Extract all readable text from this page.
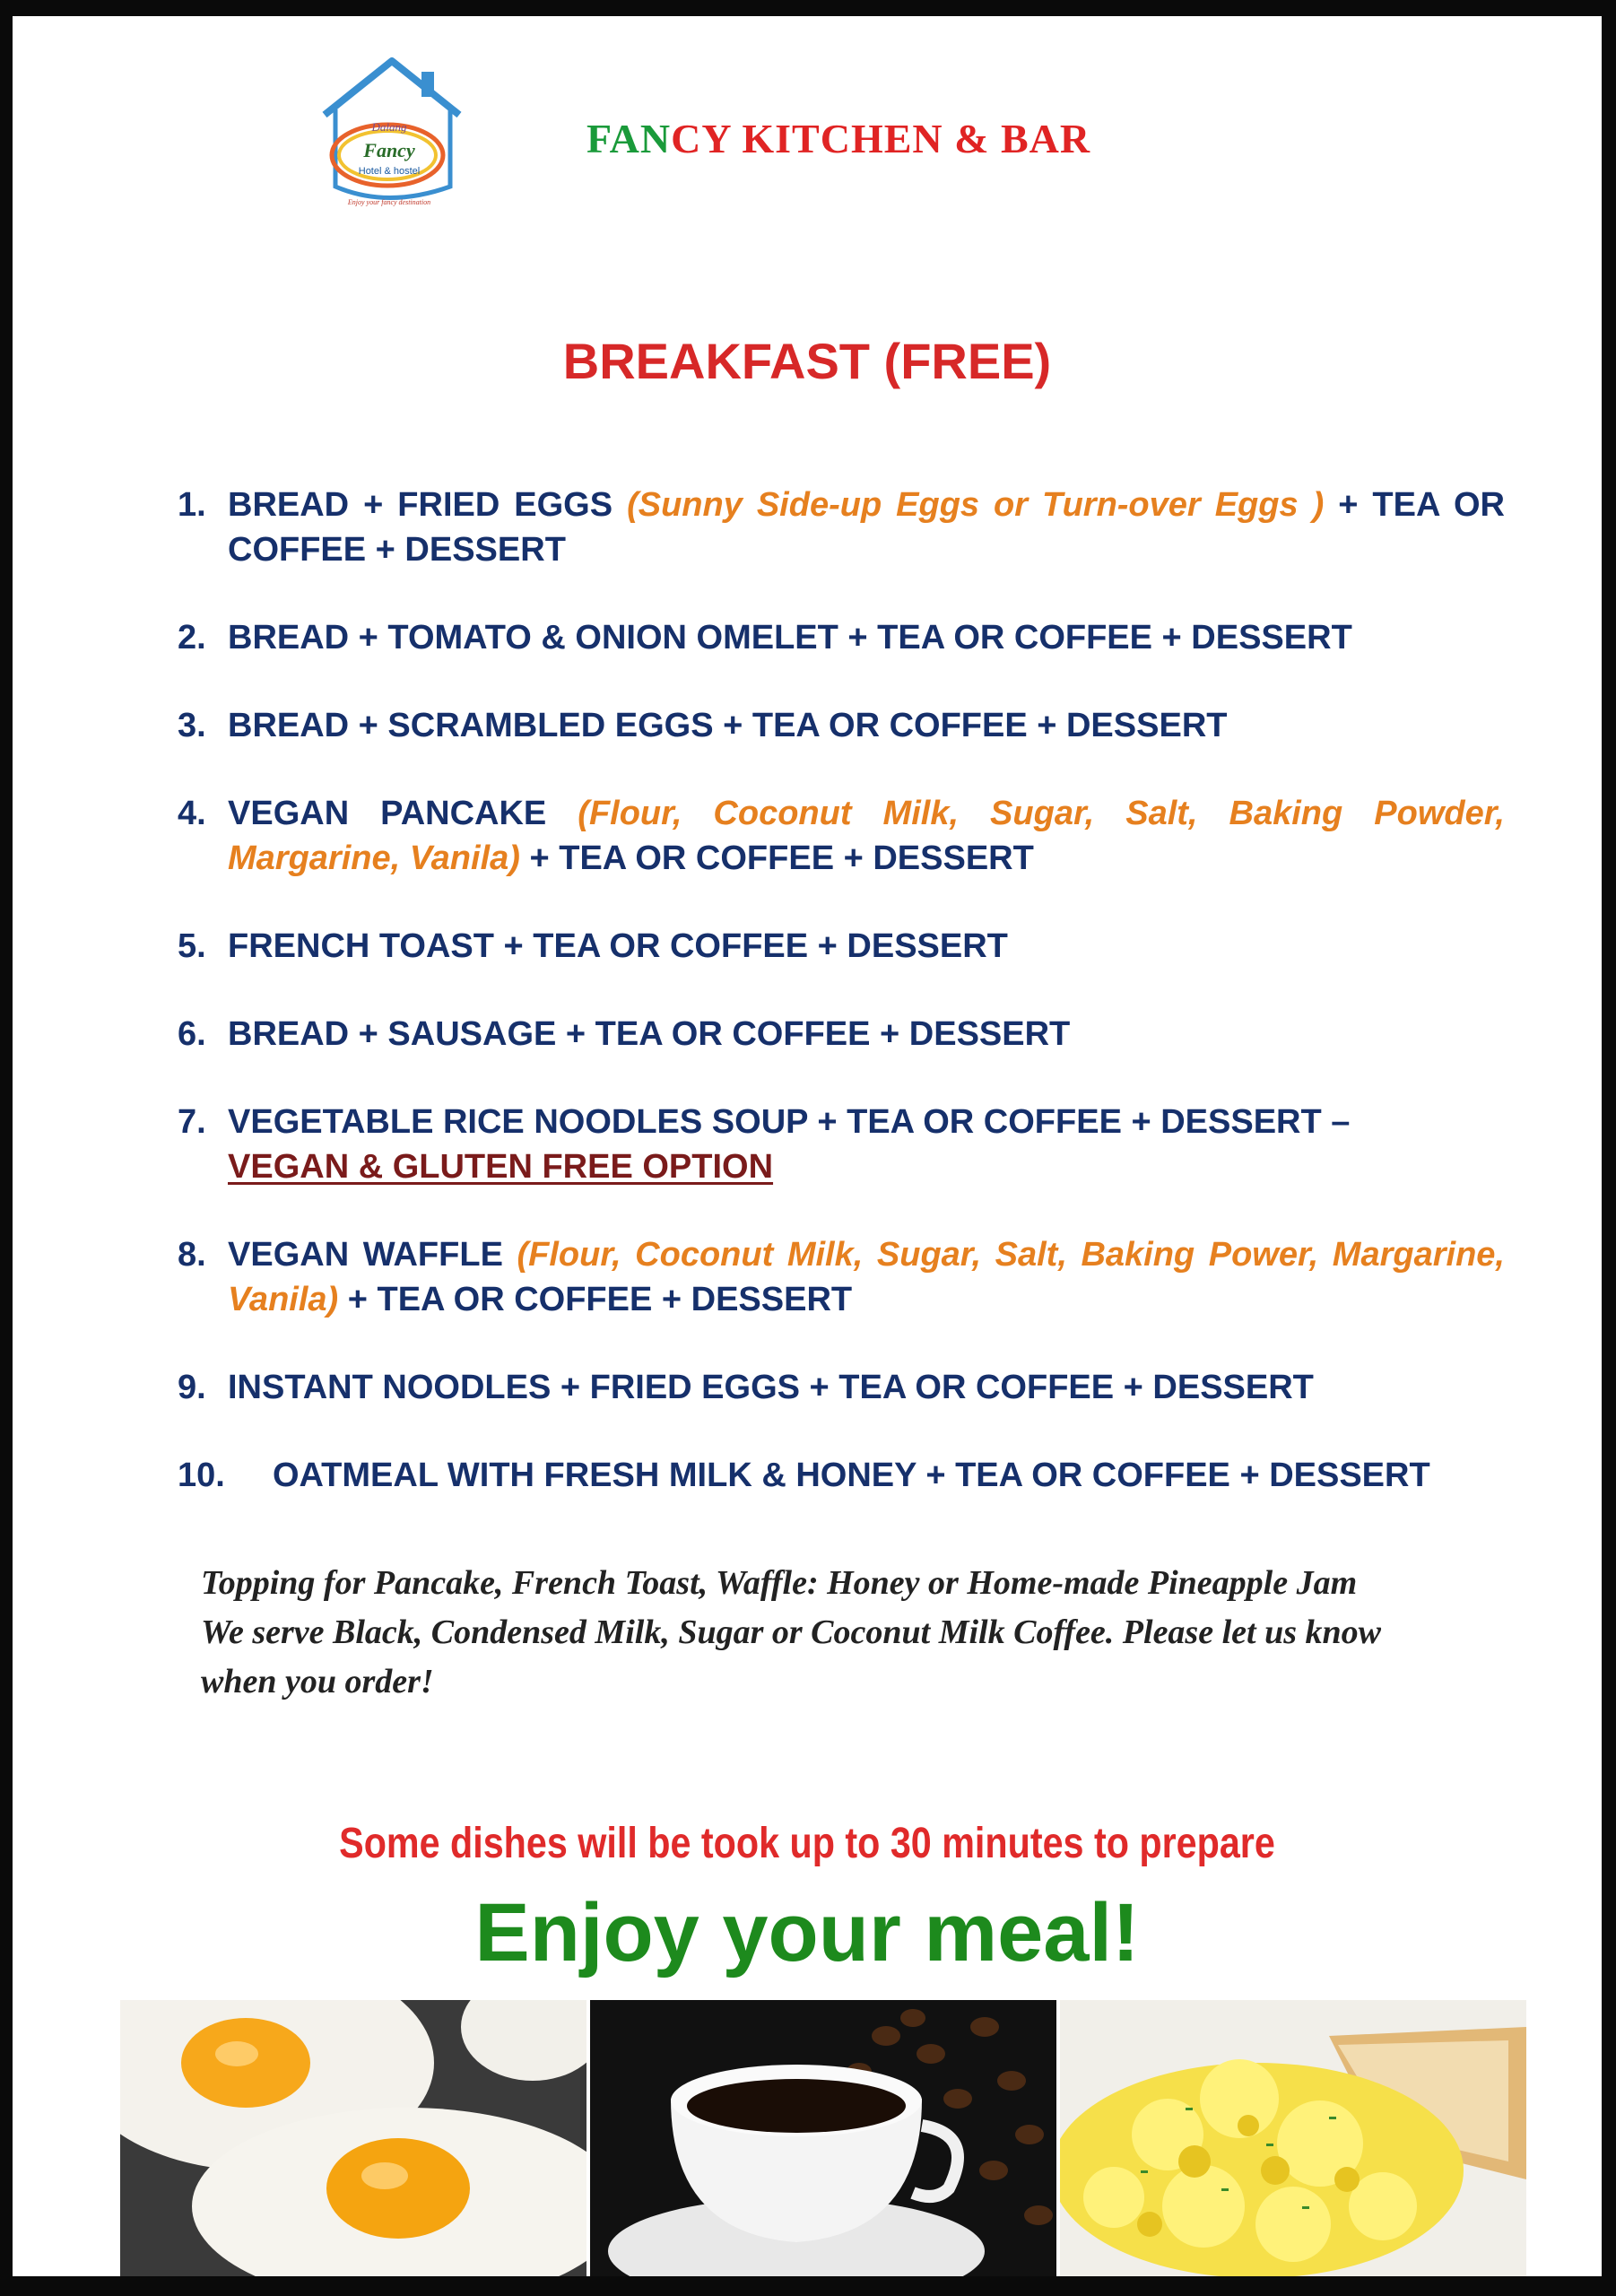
Dalang
Fancy
Hotel & hostel
Enjoy your fancy destination
FANCY KITCHEN & BAR
BREAKFAST (FREE)
1. BREAD + FRIED EGGS (Sunny Side-up Eggs or Turn-over Eggs ) + TEA OR COFFEE + DESSERT
2. BREAD + TOMATO & ONION OMELET + TEA OR COFFEE + DESSERT
3. BREAD + SCRAMBLED EGGS + TEA OR COFFEE + DESSERT
4. VEGAN PANCAKE (Flour, Coconut Milk, Sugar, Salt, Baking Powder, Margarine, Vanila) + TEA OR COFFEE + DESSERT
5. FRENCH TOAST + TEA OR COFFEE + DESSERT
6. BREAD + SAUSAGE + TEA OR COFFEE + DESSERT
7. VEGETABLE RICE NOODLES SOUP + TEA OR COFFEE + DESSERT –
VEGAN & GLUTEN FREE OPTION
8. VEGAN WAFFLE (Flour, Coconut Milk, Sugar, Salt, Baking Power, Margarine, Vanila) + TEA OR COFFEE + DESSERT
9. INSTANT NOODLES + FRIED EGGS + TEA OR COFFEE + DESSERT
10.	OATMEAL WITH FRESH MILK & HONEY + TEA OR COFFEE + DESSERT
Topping for Pancake, French Toast, Waffle: Honey or Home-made Pineapple Jam
We serve Black, Condensed Milk, Sugar or Coconut Milk Coffee. Please let us know when you order!
Some dishes will be took up to 30 minutes to prepare
Enjoy your meal!
